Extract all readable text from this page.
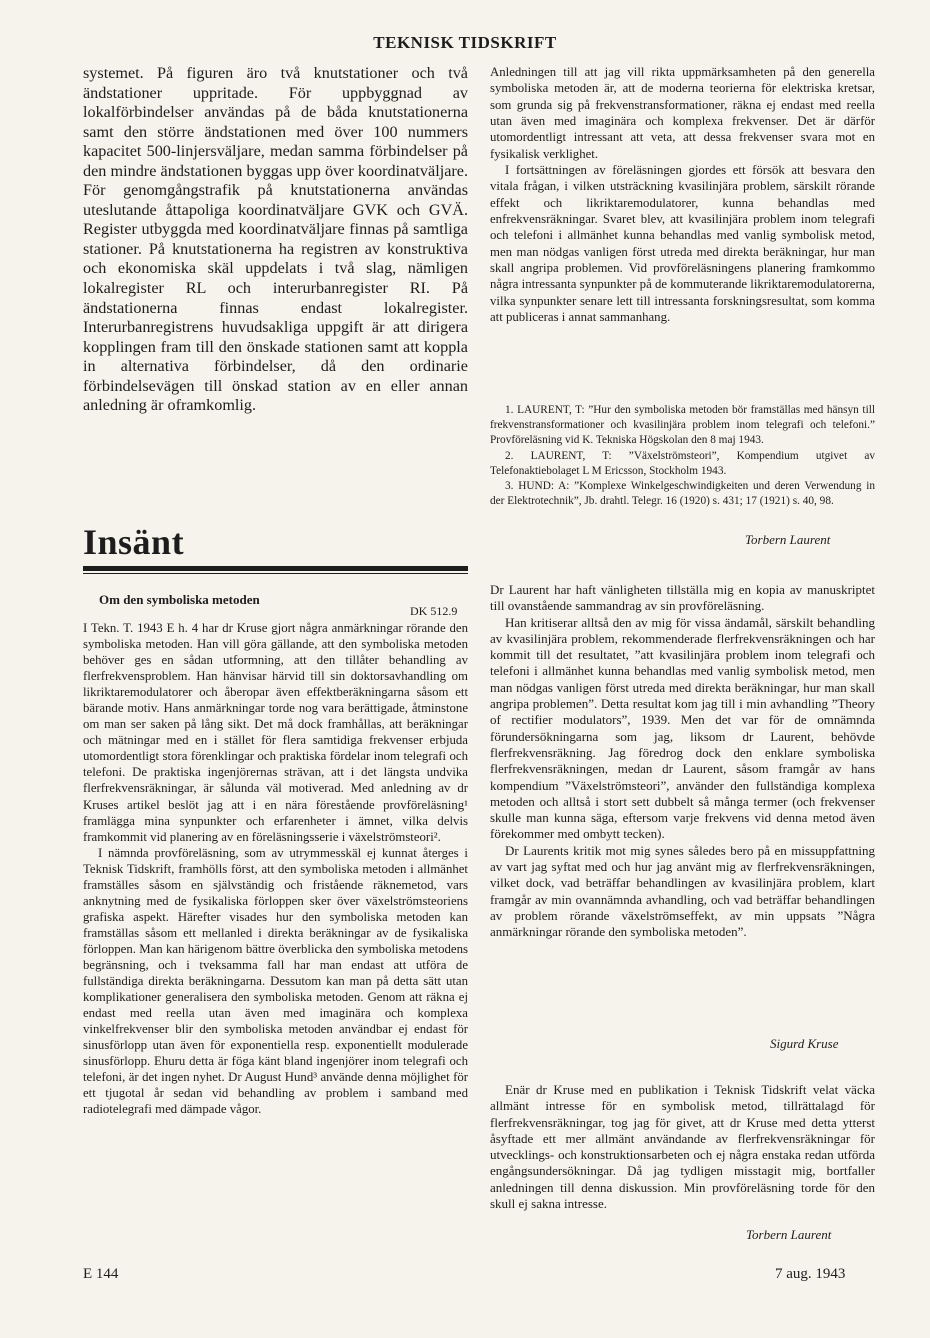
TEKNISK TIDSKRIFT

systemet. På figuren äro två knutstationer och två ändstationer uppritade. För uppbyggnad av lokalförbindelser användas på de båda knutstationerna samt den större ändstationen med över 100 nummers kapacitet 500-linjersväljare, medan samma förbindelser på den mindre ändstationen byggas upp över koordinatväljare. För genomgångstrafik på knutstationerna användas uteslutande åttapoliga koordinatväljare GVK och GVÄ. Register utbyggda med koordinatväljare finnas på samtliga stationer. På knutstationerna ha registren av konstruktiva och ekonomiska skäl uppdelats i två slag, nämligen lokalregister RL och interurbanregister RI. På ändstationerna finnas endast lokalregister. Interurbanregistrens huvudsakliga uppgift är att dirigera kopplingen fram till den önskade stationen samt att koppla in alternativa förbindelser, då den ordinarie förbindelsevägen till önskad station av en eller annan anledning är oframkomlig.

Insänt
Om den symboliska metoden
DK 512.9

I Tekn. T. 1943 E h. 4 har dr Kruse gjort några anmärkningar rörande den symboliska metoden. Han vill göra gällande, att den symboliska metoden behöver ges en sådan utformning, att den tillåter behandling av flerfrekvensproblem. Han hänvisar härvid till sin doktorsavhandling om likriktaremodulatorer och åberopar även effektberäkningarna såsom ett bärande motiv. Hans anmärkningar torde nog vara berättigade, åtminstone om man ser saken på lång sikt. Det må dock framhållas, att beräkningar och mätningar med en i stället för flera samtidiga frekvenser erbjuda utomordentligt stora förenklingar och praktiska fördelar inom telegrafi och telefoni. De praktiska ingenjörernas strävan, att i det längsta undvika flerfrekvensräkningar, är sålunda väl motiverad. Med anledning av dr Kruses artikel beslöt jag att i en nära förestående provföreläsning¹ framlägga mina synpunkter och erfarenheter i ämnet, vilka delvis framkommit vid planering av en föreläsningsserie i växelströmsteori².

I nämnda provföreläsning, som av utrymmesskäl ej kunnat återges i Teknisk Tidskrift, framhölls först, att den symboliska metoden i allmänhet framställes såsom en självständig och fristående räknemetod, vars anknytning med de fysikaliska förloppen sker över växelströmsteoriens grafiska aspekt. Härefter visades hur den symboliska metoden kan framställas såsom ett mellanled i direkta beräkningar av de fysikaliska förloppen. Man kan härigenom bättre överblicka den symboliska metodens begränsning, och i tveksamma fall har man endast att utföra de fullständiga direkta beräkningarna. Dessutom kan man på detta sätt utan komplikationer generalisera den symboliska metoden. Genom att räkna ej endast med reella utan även med imaginära och komplexa vinkelfrekvenser blir den symboliska metoden användbar ej endast för sinusförlopp utan även för exponentiella resp. exponentiellt modulerade sinusförlopp. Ehuru detta är föga känt bland ingenjörer inom telegrafi och telefoni, är det ingen nyhet. Dr August Hund³ använde denna möjlighet för ett tjugotal år sedan vid behandling av problem i samband med radiotelegrafi med dämpade vågor.

Anledningen till att jag vill rikta uppmärksamheten på den generella symboliska metoden är, att de moderna teorierna för elektriska kretsar, som grunda sig på frekvenstransformationer, räkna ej endast med reella utan även med imaginära och komplexa frekvenser. Det är därför utomordentligt intressant att veta, att dessa frekvenser svara mot en fysikalisk verklighet.

I fortsättningen av föreläsningen gjordes ett försök att besvara den vitala frågan, i vilken utsträckning kvasilinjära problem, särskilt rörande effekt och likriktaremodulatorer, kunna behandlas med enfrekvensräkningar. Svaret blev, att kvasilinjära problem inom telegrafi och telefoni i allmänhet kunna behandlas med vanlig symbolisk metod, men man nödgas vanligen först utreda med direkta beräkningar, hur man skall angripa problemen. Vid provföreläsningens planering framkommo några intressanta synpunkter på de kommuterande likriktaremodulatorerna, vilka synpunkter senare lett till intressanta forskningsresultat, som komma att publiceras i annat sammanhang.

1. LAURENT, T: ”Hur den symboliska metoden bör framställas med hänsyn till frekvenstransformationer och kvasilinjära problem inom telegrafi och telefoni.” Provföreläsning vid K. Tekniska Högskolan den 8 maj 1943.

2. LAURENT, T: ”Växelströmsteori”, Kompendium utgivet av Telefonaktiebolaget L M Ericsson, Stockholm 1943.

3. HUND: A: ”Komplexe Winkelgeschwindigkeiten und deren Verwendung in der Elektrotechnik”, Jb. drahtl. Telegr. 16 (1920) s. 431; 17 (1921) s. 40, 98.

Torbern Laurent

Dr Laurent har haft vänligheten tillställa mig en kopia av manuskriptet till ovanstående sammandrag av sin provföreläsning.

Han kritiserar alltså den av mig för vissa ändamål, särskilt behandling av kvasilinjära problem, rekommenderade flerfrekvensräkningen och har kommit till det resultatet, ”att kvasilinjära problem inom telegrafi och telefoni i allmänhet kunna behandlas med vanlig symbolisk metod, men man nödgas vanligen först utreda med direkta beräkningar, hur man skall angripa problemen”. Detta resultat kom jag till i min avhandling ”Theory of rectifier modulators”, 1939. Men det var för de omnämnda förundersökningarna som jag, liksom dr Laurent, behövde flerfrekvensräkning. Jag föredrog dock den enklare symboliska flerfrekvensräkningen, medan dr Laurent, såsom framgår av hans kompendium ”Växelströmsteori”, använder den fullständiga komplexa metoden och alltså i stort sett dubbelt så många termer (och frekvenser skulle man kunna säga, eftersom varje frekvens vid denna metod även förekommer med ombytt tecken).

Dr Laurents kritik mot mig synes således bero på en missuppfattning av vart jag syftat med och hur jag använt mig av flerfrekvensräkningen, vilket dock, vad beträffar behandlingen av kvasilinjära problem, klart framgår av min ovannämnda avhandling, och vad beträffar behandlingen av problem rörande växelströmseffekt, av min uppsats ”Några anmärkningar rörande den symboliska metoden”.

Sigurd Kruse

Enär dr Kruse med en publikation i Teknisk Tidskrift velat väcka allmänt intresse för en symbolisk metod, tillrättalagd för flerfrekvensräkningar, tog jag för givet, att dr Kruse med detta ytterst åsyftade ett mer allmänt användande av flerfrekvensräkningar för utvecklings- och konstruktionsarbeten och ej några enstaka redan utförda engångsundersökningar. Då jag tydligen misstagit mig, bortfaller anledningen till denna diskussion. Min provföreläsning torde för den skull ej sakna intresse.

Torbern Laurent
E 144	7 aug. 1943
